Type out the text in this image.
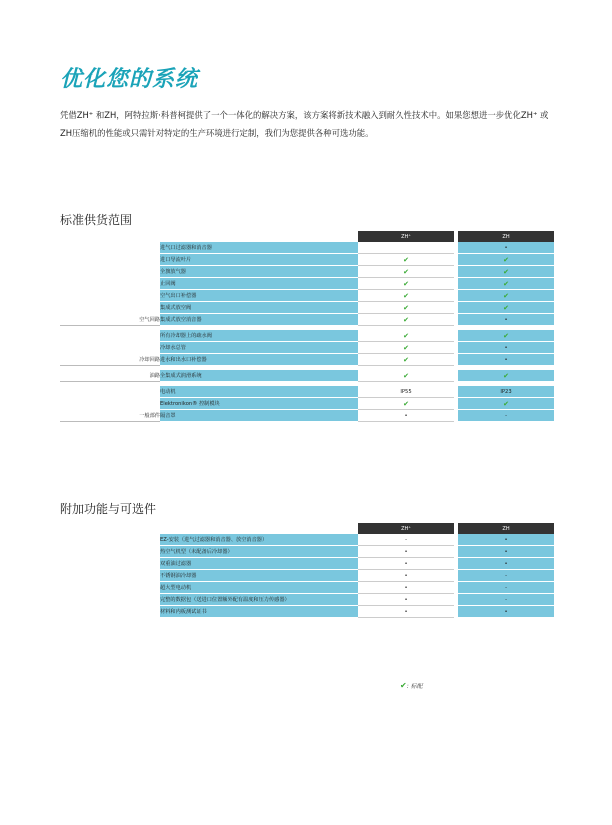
优化您的系统
凭借ZH⁺ 和ZH，阿特拉斯·科普柯提供了一个一体化的解决方案，该方案将新技术融入到耐久性技术中。如果您想进一步优化ZH⁺ 或ZH压缩机的性能或只需针对特定的生产环境进行定制，我们为您提供各种可选功能。
标准供货范围
		ZH⁺		ZH
	进气口过滤器和消音器			•
	进口导流叶片	✔		✔
	全旗放气器	✔		✔
	止回阀	✔		✔
	空气出口补偿器	✔		✔
	集成式放空阀	✔		✔
空气回路	集成式放空消音器	✔		•

	所有冷却器上的疏水阀	✔		✔
	冷却水总管	✔		•
冷却回路	进水和出水口补偿器	✔		•

油路	全集成式润滑系统	✔		✔

	电动机	IP55		IP23
	Elektronikon® 控制模块	✔		✔
一般部件	隔音罩	•		-
附加功能与可选件
		ZH⁺		ZH
	EZ-安装（进气过滤器和消音器、放空消音器）	-		•
	热空气机型（未配备后冷却器）	•		•
	双重油过滤器	•		•
	不锈钢油冷却器	•		-
	超大型电动机	•		-
	完整的数据包（送进口位置额外配有温度和压力传感器）	•		-
	材料和内板测试证书	•		•
✔: 标配
